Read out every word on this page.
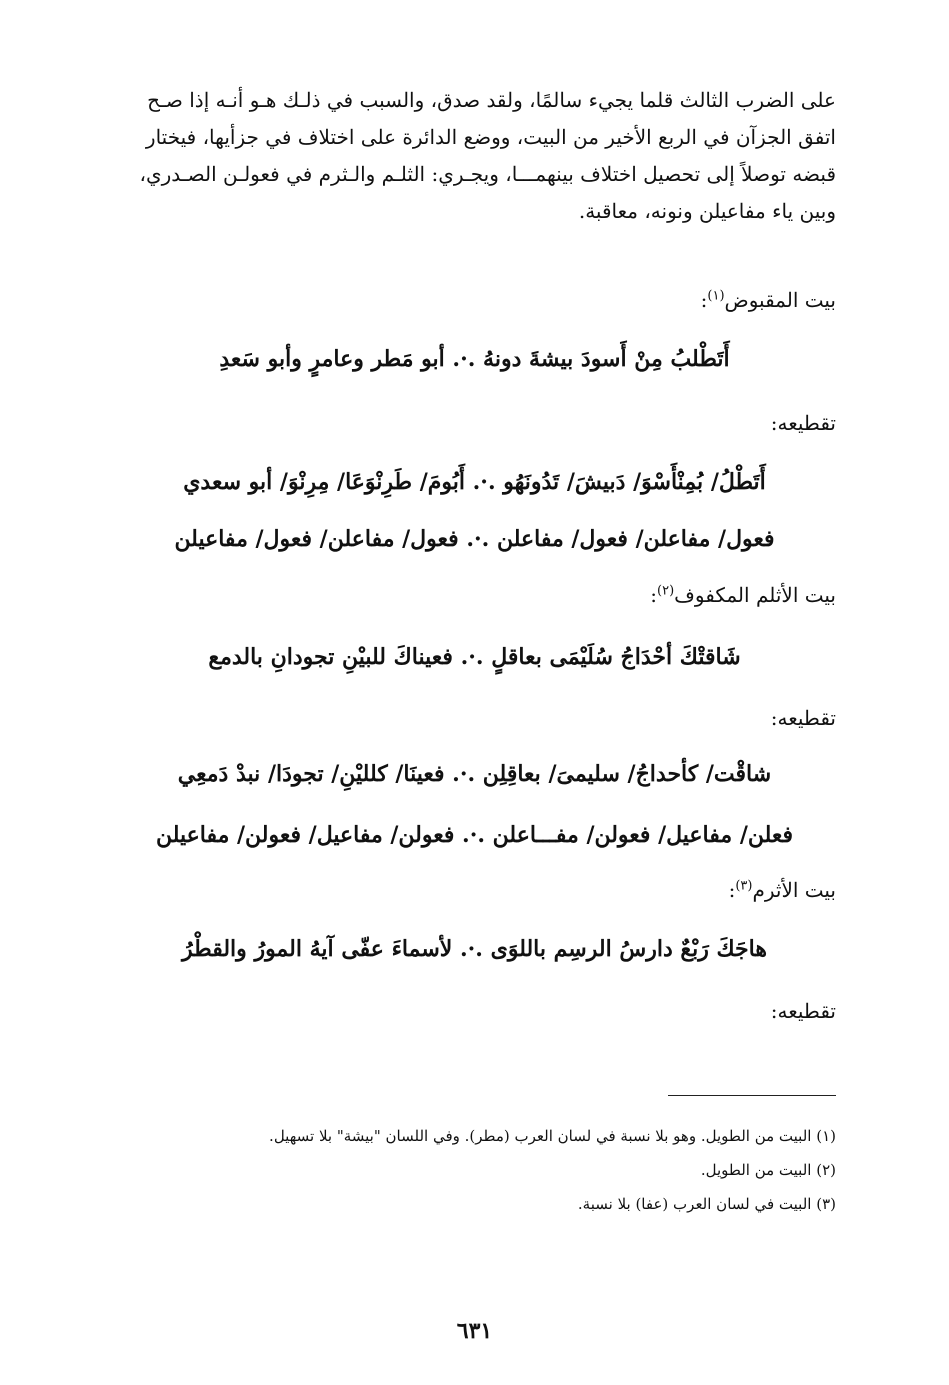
على الضرب الثالث قلما يجيء سالمًا، ولقد صدق، والسبب في ذلـك هـو أنـه إذا صـح

اتفق الجزآن في الربع الأخير من البيت، ووضع الدائرة على اختلاف في جزأيها، فيختار

قبضه توصلاً إلى تحصيل اختلاف بينهمـــا، ويجـري: الثلـم والـثرم في فعولـن الصـدري،

وبين ياء مفاعيلن ونونه، معاقبة.

بيت المقبوض$^{(١)}$:
أَتَطْلبُ مِنْ أَسودَ بيشةَ دونهُ .·. أبو مَطر وعامرٍ وأبو سَعدِ
تقطيعه:
أَتَطْلُ/ بُمِنْأَسْوَ/ دَبيشَ/ تَدُونَهُو .·. أَبُومَ/ طَرِنْوَعَا/ مِرِنْوَ/ أبو سعدي
فعول/ مفاعلن/ فعول/ مفاعلن .·. فعول/ مفاعلن/ فعول/ مفاعيلن
بيت الأثلم المكفوف$^{(٢)}$:
شَاقتْكَ أحْدَاجُ سُلَيْمَى بعاقلٍ .·. فعيناكَ للبيْنِ تجودانِ بالدمع
تقطيعه:
شاقْت/ كأحداجُ/ سليمىَ/ بعاقِلِن .·. فعينَا/ كلليْنِ/ تجودَا/ نبدْ دَمعِي
فعلن/ مفاعيل/ فعولن/ مفـــاعلن .·. فعولن/ مفاعيل/ فعولن/ مفاعيلن
بيت الأثرم$^{(٣)}$:
هاجَكَ رَبْعٌ دارسُ الرسِم باللوَى .·. لأسماءَ عفّى آيهُ المورُ والقطْرُ
تقطيعه:
(١) البيت من الطويل. وهو بلا نسبة في لسان العرب (مطر). وفي اللسان "بيشة" بلا تسهيل.
(٢) البيت من الطويل.
(٣) البيت في لسان العرب (عفا) بلا نسبة.
٦٣١
